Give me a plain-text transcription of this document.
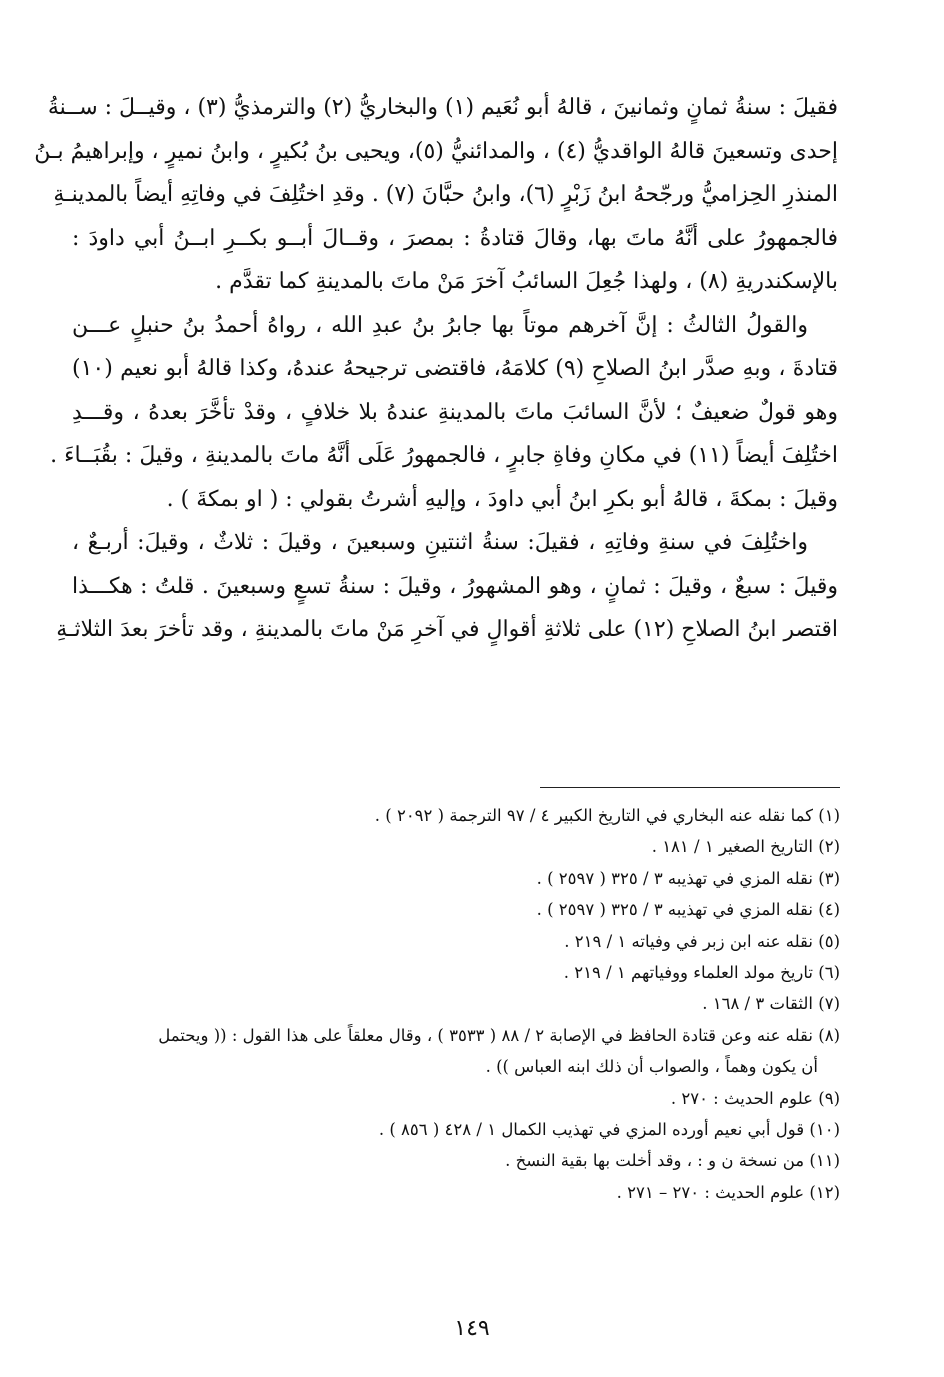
فقيلَ : سنةُ ثمانٍ وثمانينَ ، قالهُ أبو نُعَيم (١) والبخاريُّ (٢) والترمذيُّ (٣) ، وقيــلَ : ســنةُ
إحدى وتسعينَ قالهُ الواقديُّ (٤) ، والمدائنيُّ (٥)، ويحيى بنُ بُكيرٍ ، وابنُ نميرٍ ، وإبراهيمُ بـنُ
المنذرِ الحِزاميُّ ورجّحهُ ابنُ زَبْرٍ (٦)، وابنُ حبَّانَ (٧) . وقدِ اختُلِفَ في وفاتِهِ أيضاً بالمدينـةِ
فالجمهورُ على أنَّهُ ماتَ بها، وقالَ قتادةُ : بمصرَ ، وقــالَ أبــو بكــرِ ابــنُ أبي داودَ :
بالإسكندريةِ (٨) ، ولهذا جُعِلَ السائبُ آخرَ مَنْ ماتَ بالمدينةِ كما تقدَّم .
والقولُ الثالثُ : إنَّ آخرهم موتاً بها جابرُ بنُ عبدِ الله ، رواهُ أحمدُ بنُ حنبلٍ عـــن
قتادةَ ، وبهِ صدَّر ابنُ الصلاحِ (٩) كلامَهُ، فاقتضى ترجيحهُ عندهُ، وكذا قالهُ أبو نعيم (١٠)
وهو قولٌ ضعيفٌ ؛ لأنَّ السائبَ ماتَ بالمدينةِ عندهُ بلا خلافٍ ، وقدْ تأخَّرَ بعدهُ ، وقـــدِ
اختُلِفَ أيضاً (١١) في مكانِ وفاةِ جابرٍ ، فالجمهورُ عَلَى أنَّهُ ماتَ بالمدينةِ ، وقيلَ : بقُبَــاءَ .
وقيلَ : بمكةَ ، قالهُ أبو بكرِ ابنُ أبي داودَ ، وإليهِ أشرتُ بقولي : ( او بمكةَ ) .
واختُلِفَ في سنةِ وفاتِهِ ، فقيلَ: سنةُ اثنتينِ وسبعينَ ، وقيلَ : ثلاثٌ ، وقيلَ: أربـعٌ ،
وقيلَ : سبعٌ ، وقيلَ : ثمانٍ ، وهو المشهورُ ، وقيلَ : سنةُ تسعٍ وسبعينَ . قلتُ : هكـــذا
اقتصر ابنُ الصلاحِ (١٢) على ثلاثةِ أقوالٍ في آخرِ مَنْ ماتَ بالمدينةِ ، وقد تأخرَ بعدَ الثلاثـةِ
(١) كما نقله عنه البخاري في التاريخ الكبير ٤ / ٩٧ الترجمة ( ٢٠٩٢ ) .
(٢) التاريخ الصغير ١ / ١٨١ .
(٣) نقله المزي في تهذيبه ٣ / ٣٢٥ ( ٢٥٩٧ ) .
(٤) نقله المزي في تهذيبه ٣ / ٣٢٥ ( ٢٥٩٧ ) .
(٥) نقله عنه ابن زبر في وفياته ١ / ٢١٩ .
(٦) تاريخ مولد العلماء ووفياتهم ١ / ٢١٩ .
(٧) الثقات ٣ / ١٦٨ .
(٨) نقله عنه وعن قتادة الحافظ في الإصابة ٢ / ٨٨ ( ٣٥٣٣ ) ، وقال معلقاً على هذا القول : (( ويحتمل
أن يكون وهماً ، والصواب أن ذلك ابنه العباس )) .
(٩) علوم الحديث : ٢٧٠ .
(١٠) قول أبي نعيم أورده المزي في تهذيب الكمال ١ / ٤٢٨ ( ٨٥٦ ) .
(١١) من نسخة ن و : ، وقد أخلت بها بقية النسخ .
(١٢) علوم الحديث : ٢٧٠ – ٢٧١ .
١٤٩
